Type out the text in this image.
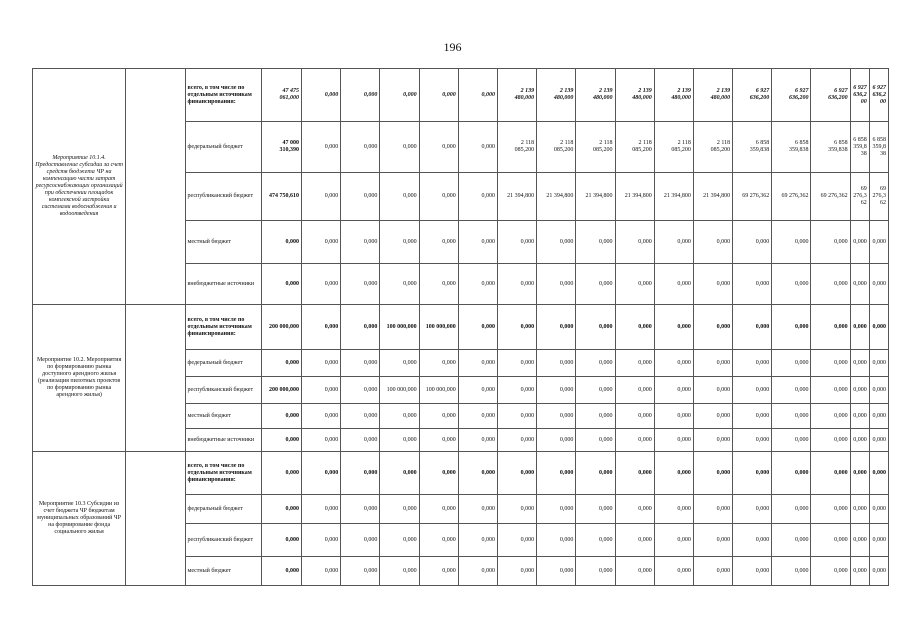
196
Мероприятие 10.1.4. Предоставление субсидии за счет средств бюджета ЧР на компенсацию части затрат ресурсоснабжающих организаций при обеспечении площадок комплексной застройки системами водоснабжения и водоотведения		всего, в том числе по отдельным источникам финансирования:	47 475 061,000	0,000	0,000	0,000	0,000	0,000	2 139 480,000	2 139 480,000	2 139 480,000	2 139 480,000	2 139 480,000	2 139 480,000	6 927 636,200	6 927 636,200	6 927 636,200	6 927 636,2 00	6 927 636,2 00
		федеральный бюджет	47 000 310,390	0,000	0,000	0,000	0,000	0,000	2 118 085,200	2 118 085,200	2 118 085,200	2 118 085,200	2 118 085,200	2 118 085,200	6 858 359,838	6 858 359,838	6 858 359,838	6 858 359,8 38	6 858 359,8 38
		республиканский бюджет	474 750,610	0,000	0,000	0,000	0,000	0,000	21 394,800	21 394,800	21 394,800	21 394,800	21 394,800	21 394,800	69 276,362	69 276,362	69 276,362	69 276,3 62	69 276,3 62
		местный бюджет	0,000	0,000	0,000	0,000	0,000	0,000	0,000	0,000	0,000	0,000	0,000	0,000	0,000	0,000	0,000	0,000	0,000
		внебюджетные источники	0,000	0,000	0,000	0,000	0,000	0,000	0,000	0,000	0,000	0,000	0,000	0,000	0,000	0,000	0,000	0,000	0,000
Мероприятие 10.2. Мероприятия по формированию рынка доступного арендного жилья (реализация пилотных проектов по формированию рынка арендного жилья)		всего, в том числе по отдельным источникам финансирования:	200 000,000	0,000	0,000	100 000,000	100 000,000	0,000	0,000	0,000	0,000	0,000	0,000	0,000	0,000	0,000	0,000	0,000	0,000
		федеральный бюджет	0,000	0,000	0,000	0,000	0,000	0,000	0,000	0,000	0,000	0,000	0,000	0,000	0,000	0,000	0,000	0,000	0,000
		республиканский бюджет	200 000,000	0,000	0,000	100 000,000	100 000,000	0,000	0,000	0,000	0,000	0,000	0,000	0,000	0,000	0,000	0,000	0,000	0,000
		местный бюджет	0,000	0,000	0,000	0,000	0,000	0,000	0,000	0,000	0,000	0,000	0,000	0,000	0,000	0,000	0,000	0,000	0,000
		внебюджетные источники	0,000	0,000	0,000	0,000	0,000	0,000	0,000	0,000	0,000	0,000	0,000	0,000	0,000	0,000	0,000	0,000	0,000
Мероприятие 10.3 Субсидии из счет бюджета ЧР бюджетам муниципальных образований ЧР на формирование фонда социального жилья		всего, в том числе по отдельным источникам финансирования:	0,000	0,000	0,000	0,000	0,000	0,000	0,000	0,000	0,000	0,000	0,000	0,000	0,000	0,000	0,000	0,000	0,000
		федеральный бюджет	0,000	0,000	0,000	0,000	0,000	0,000	0,000	0,000	0,000	0,000	0,000	0,000	0,000	0,000	0,000	0,000	0,000
		республиканский бюджет	0,000	0,000	0,000	0,000	0,000	0,000	0,000	0,000	0,000	0,000	0,000	0,000	0,000	0,000	0,000	0,000	0,000
		местный бюджет	0,000	0,000	0,000	0,000	0,000	0,000	0,000	0,000	0,000	0,000	0,000	0,000	0,000	0,000	0,000	0,000	0,000
